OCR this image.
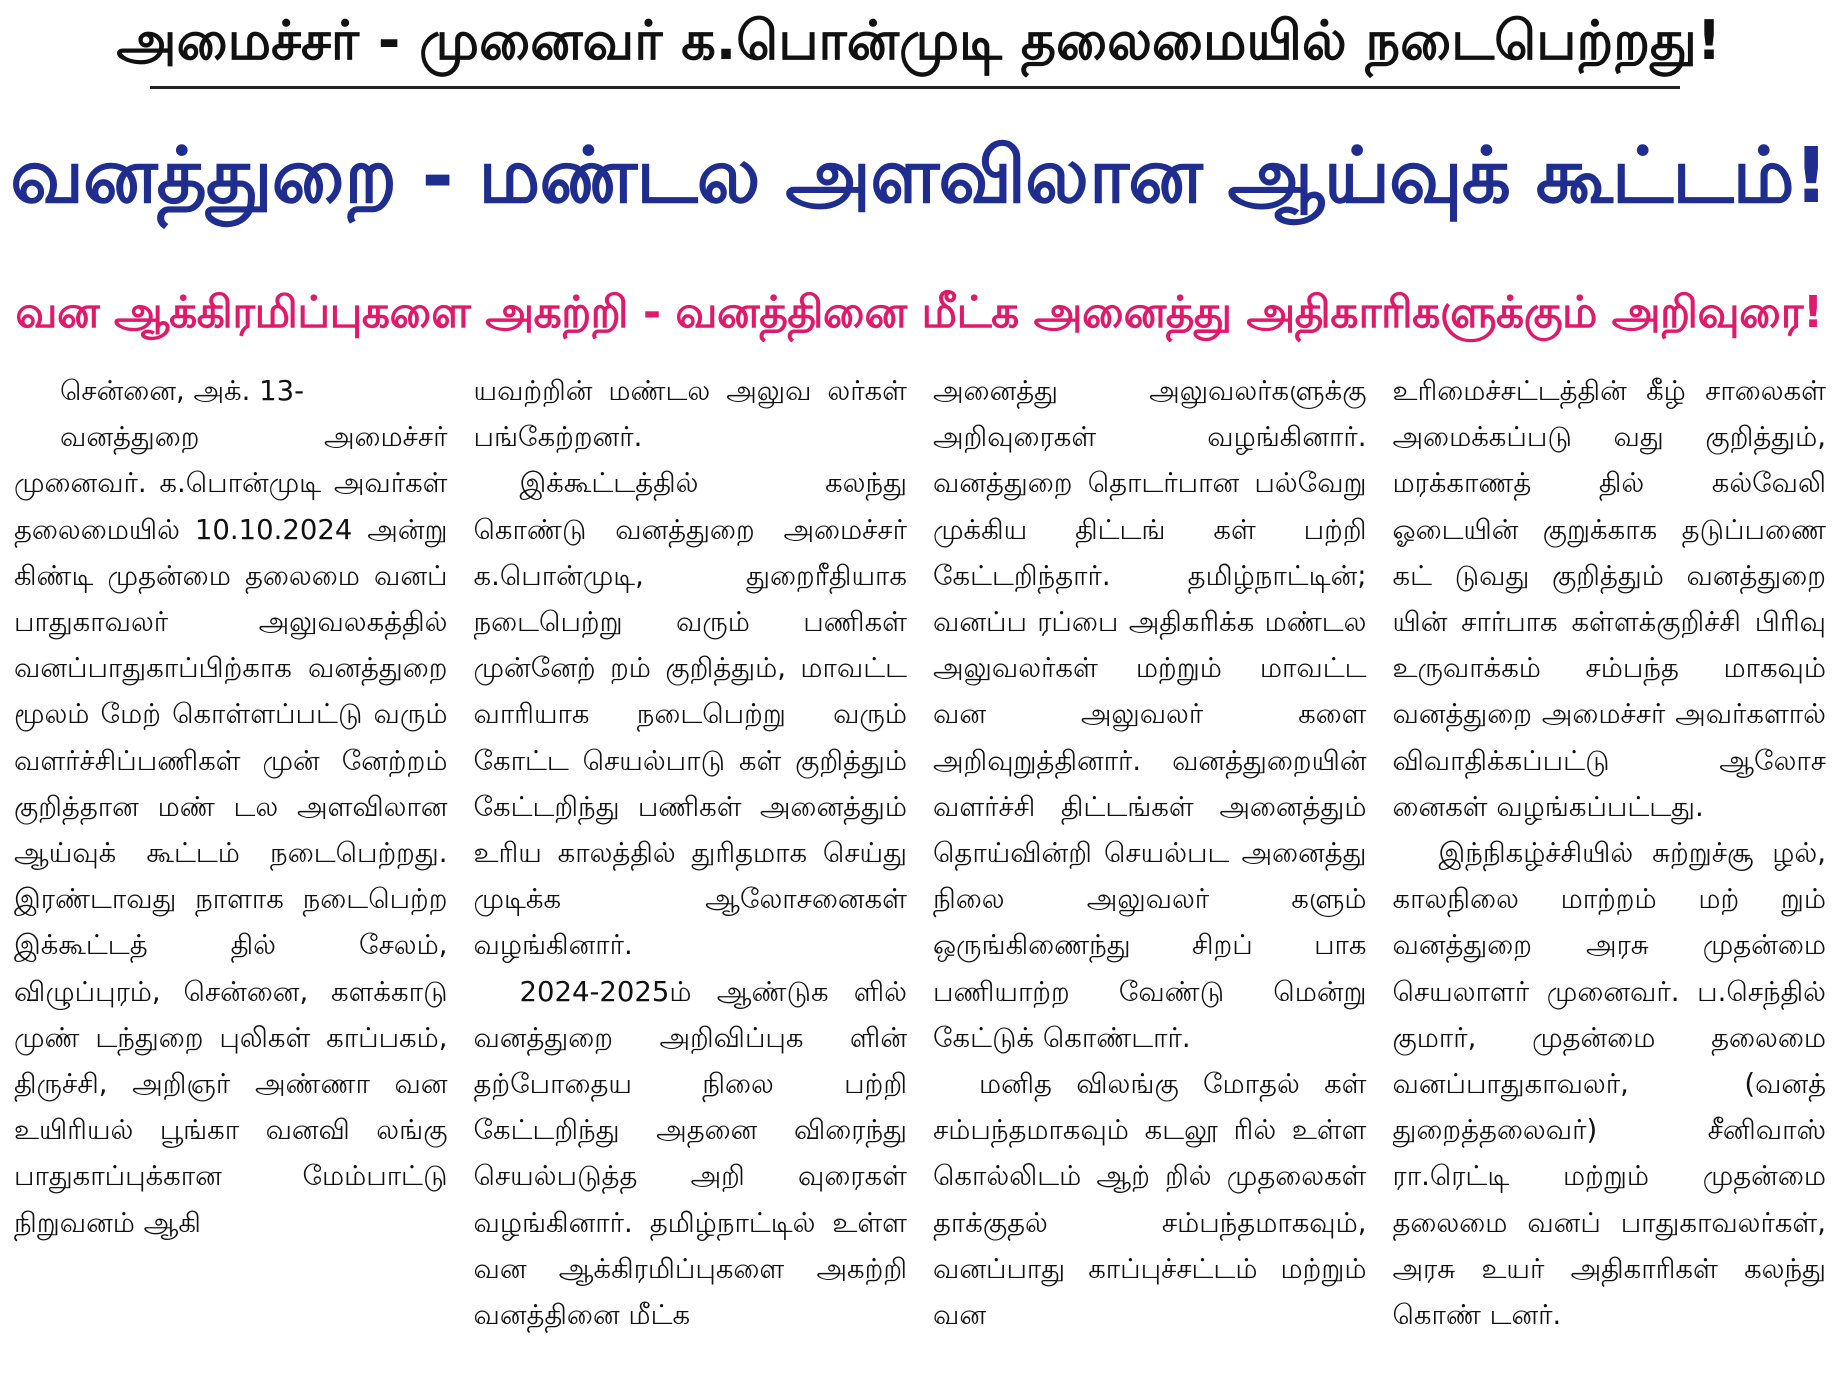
அமைச்சர் - முனைவர் க.பொன்முடி தலைமையில் நடைபெற்றது!
வனத்துறை - மண்டல அளவிலான ஆய்வுக் கூட்டம்!
வன ஆக்கிரமிப்புகளை அகற்றி - வனத்தினை மீட்க அனைத்து அதிகாரிகளுக்கும் அறிவுரை!

சென்னை, அக். 13-

வனத்துறை அமைச்சர் முனைவர். க.பொன்முடி அவர்கள் தலைமையில் 10.10.2024 அன்று கிண்டி முதன்மை தலைமை வனப் பாதுகாவலர் அலுவலகத்தில் வனப்பாதுகாப்பிற்காக வனத்துறை மூலம் மேற் கொள்ளப்பட்டு வரும் வளர்ச்சிப்பணிகள் முன் னேற்றம் குறித்தான மண் டல அளவிலான ஆய்வுக் கூட்டம் நடைபெற்றது. இரண்டாவது நாளாக நடைபெற்ற இக்கூட்டத் தில் சேலம், விழுப்புரம், சென்னை, களக்காடு முண் டந்துறை புலிகள் காப்பகம், திருச்சி, அறிஞர் அண்ணா வன உயிரியல் பூங்கா வனவி லங்கு பாதுகாப்புக்கான மேம்பாட்டு நிறுவனம் ஆகி

யவற்றின் மண்டல அலுவ லர்கள் பங்கேற்றனர்.

இக்கூட்டத்தில் கலந்து கொண்டு வனத்துறை அமைச்சர் க.பொன்முடி, துறைரீதியாக நடைபெற்று வரும் பணிகள் முன்னேற் றம் குறித்தும், மாவட்ட வாரியாக நடைபெற்று வரும் கோட்ட செயல்பாடு கள் குறித்தும் கேட்டறிந்து பணிகள் அனைத்தும் உரிய காலத்தில் துரிதமாக செய்து முடிக்க ஆலோசனைகள் வழங்கினார்.

2024-2025ம் ஆண்டுக ளில் வனத்துறை அறிவிப்புக ளின் தற்போதைய நிலை பற்றி கேட்டறிந்து அதனை விரைந்து செயல்படுத்த அறி வுரைகள் வழங்கினார். தமிழ்நாட்டில் உள்ள வன ஆக்கிரமிப்புகளை அகற்றி வனத்தினை மீட்க

அனைத்து அலுவலர்களுக்கு அறிவுரைகள் வழங்கினார். வனத்துறை தொடர்பான பல்வேறு முக்கிய திட்டங் கள் பற்றி கேட்டறிந்தார். தமிழ்நாட்டின்; வனப்ப ரப்பை அதிகரிக்க மண்டல அலுவலர்கள் மற்றும் மாவட்ட வன அலுவலர் களை அறிவுறுத்தினார். வனத்துறையின் வளர்ச்சி திட்டங்கள் அனைத்தும் தொய்வின்றி செயல்பட அனைத்து நிலை அலுவலர் களும் ஒருங்கிணைந்து சிறப் பாக பணியாற்ற வேண்டு மென்று கேட்டுக் கொண்டார்.

மனித விலங்கு மோதல் கள் சம்பந்தமாகவும் கடலூ ரில் உள்ள கொல்லிடம் ஆற் றில் முதலைகள் தாக்குதல் சம்பந்தமாகவும், வனப்பாது காப்புச்சட்டம் மற்றும் வன

உரிமைச்சட்டத்தின் கீழ் சாலைகள் அமைக்கப்படு வது குறித்தும், மரக்காணத் தில் கல்வேலி ஓடையின் குறுக்காக தடுப்பணை கட் டுவது குறித்தும் வனத்துறை யின் சார்பாக கள்ளக்குறிச்சி பிரிவு உருவாக்கம் சம்பந்த மாகவும் வனத்துறை அமைச்சர் அவர்களால் விவாதிக்கப்பட்டு ஆலோச னைகள் வழங்கப்பட்டது.

இந்நிகழ்ச்சியில் சுற்றுச்சூ ழல், காலநிலை மாற்றம் மற் றும் வனத்துறை அரசு முதன்மை செயலாளர் முனைவர். ப.செந்தில் குமார், முதன்மை தலைமை வனப்பாதுகாவலர், (வனத் துறைத்தலைவர்) சீனிவாஸ் ரா.ரெட்டி மற்றும் முதன்மை தலைமை வனப் பாதுகாவலர்கள், அரசு உயர் அதிகாரிகள் கலந்து கொண் டனர்.
